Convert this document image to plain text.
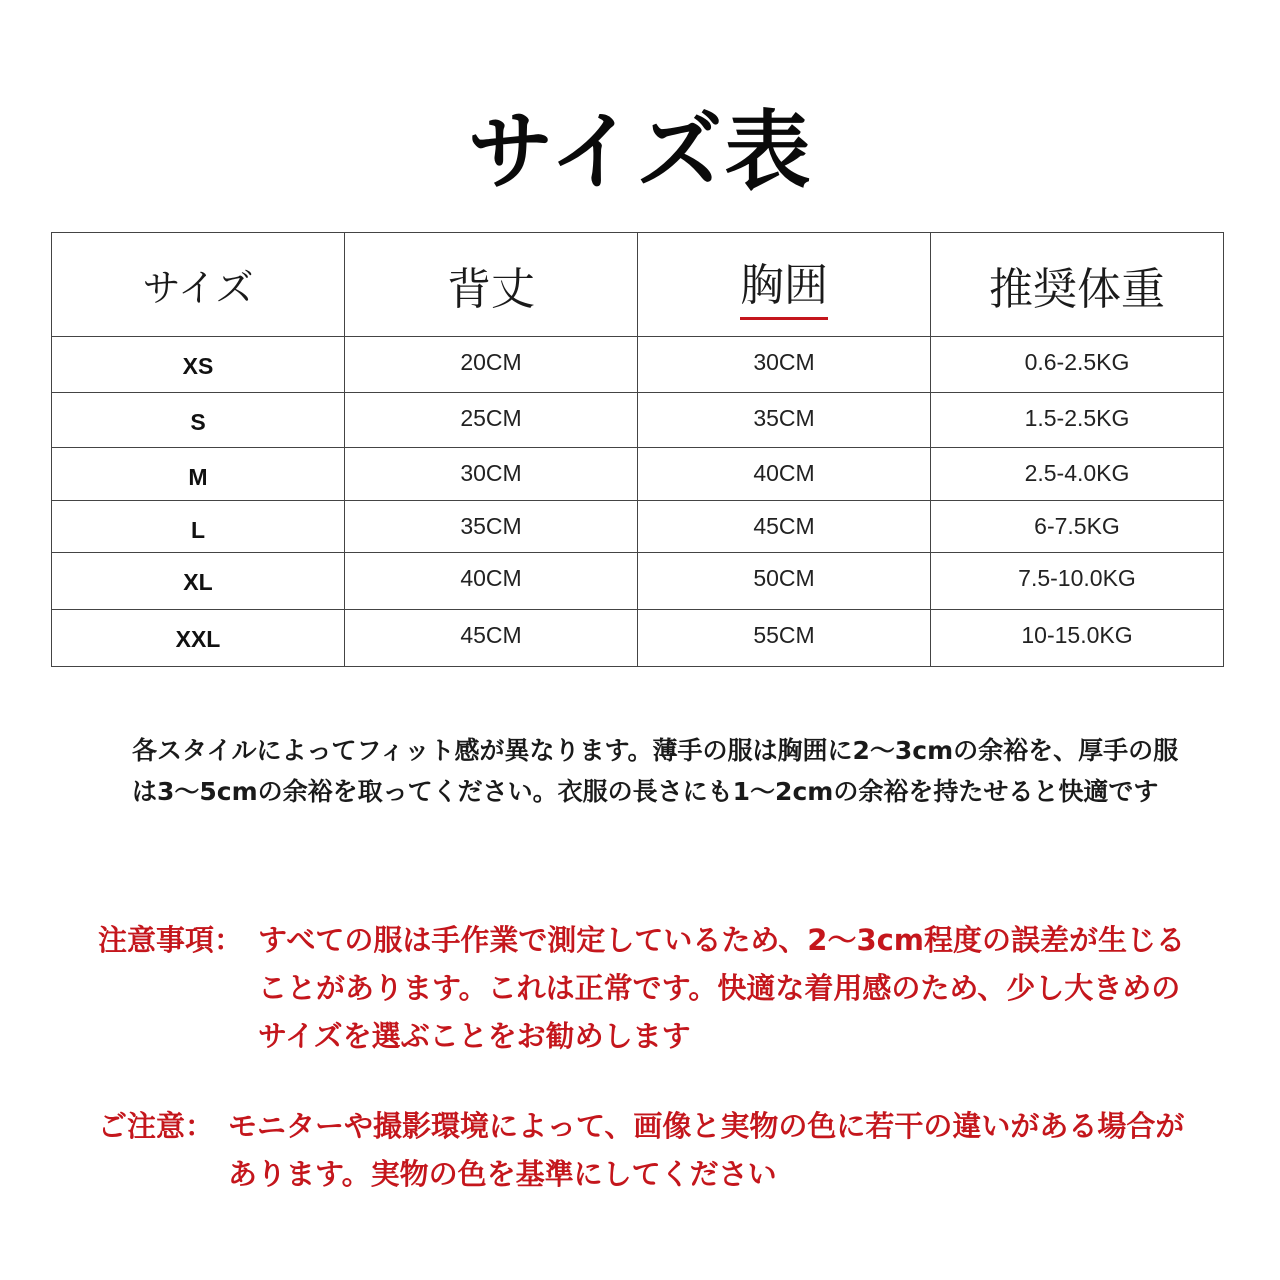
サイズ表
サイズ	背丈	胸囲	推奨体重
XS	20CM	30CM	0.6-2.5KG
S	25CM	35CM	1.5-2.5KG
M	30CM	40CM	2.5-4.0KG
L	35CM	45CM	6-7.5KG
XL	40CM	50CM	7.5-10.0KG
XXL	45CM	55CM	10-15.0KG
各スタイルによってフィット感が異なります。薄手の服は胸囲に2～3cmの余裕を、厚手の服は3～5cmの余裕を取ってください。衣服の長さにも1～2cmの余裕を持たせると快適です
注意事項： すべての服は手作業で測定しているため、2～3cm程度の誤差が生じることがあります。これは正常です。快適な着用感のため、少し大きめのサイズを選ぶことをお勧めします
ご注意： モニターや撮影環境によって、画像と実物の色に若干の違いがある場合があります。実物の色を基準にしてください
